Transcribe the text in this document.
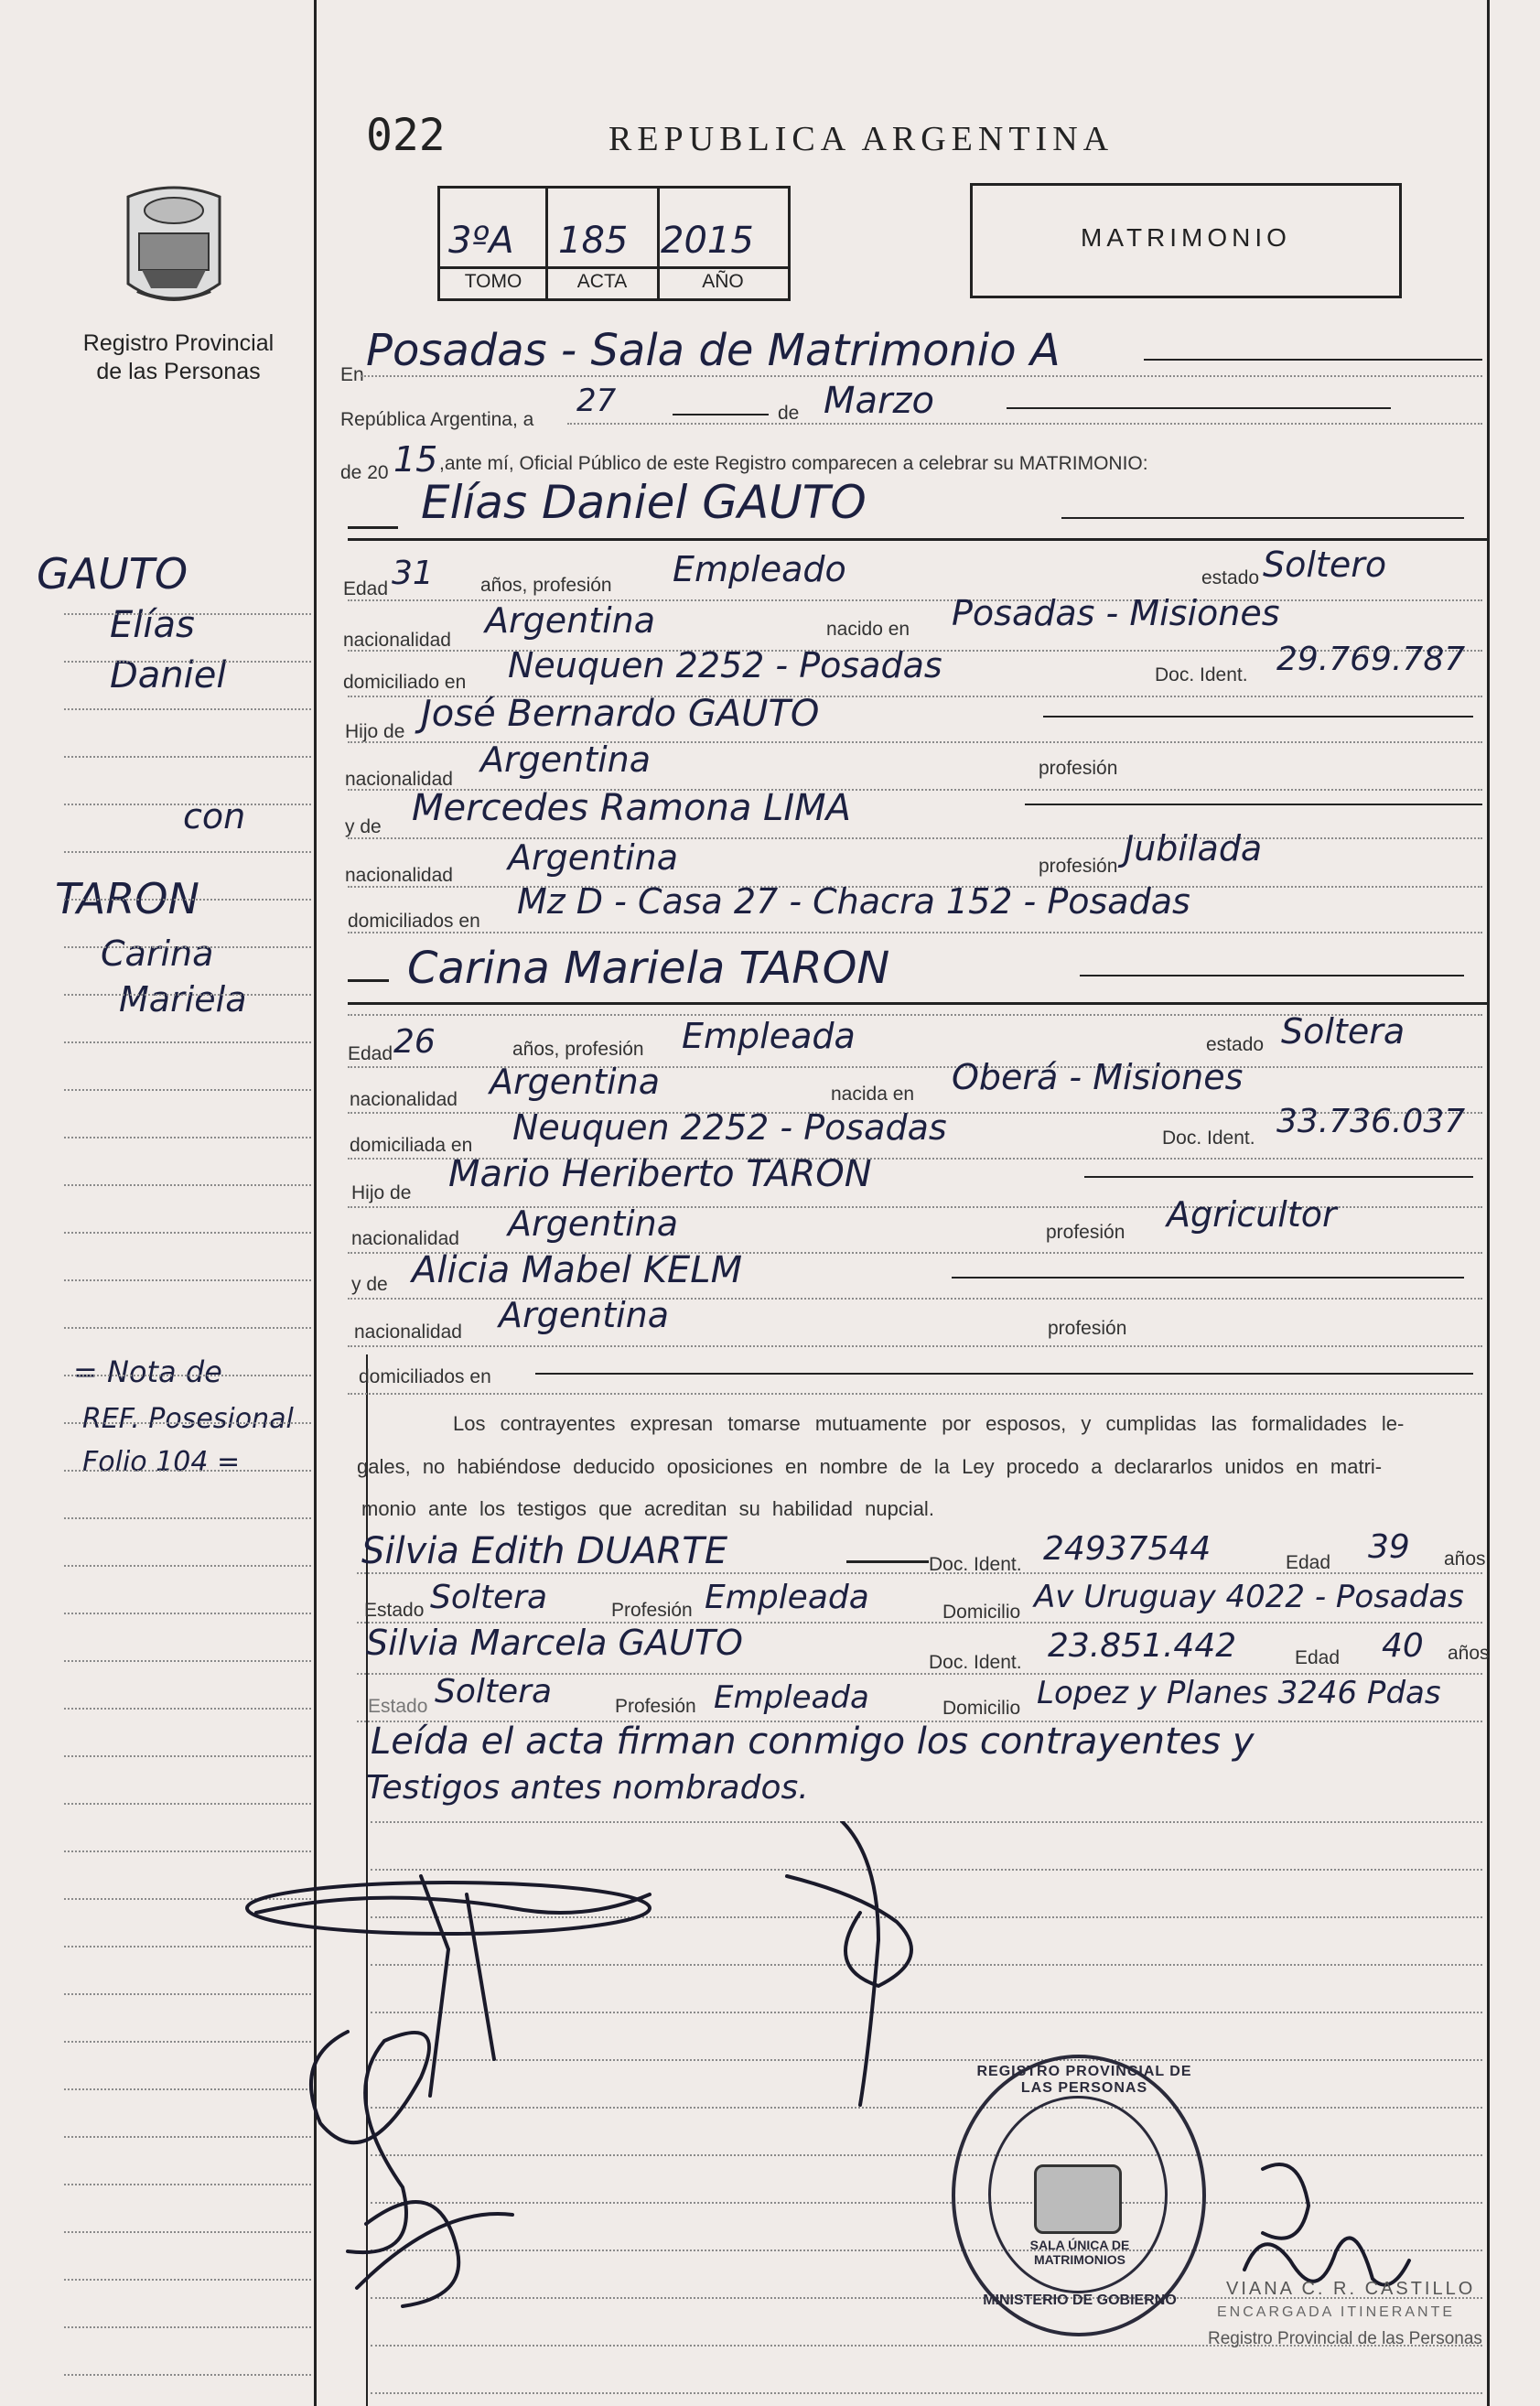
022	REPUBLICA ARGENTINA
Registro Provincial
de las Personas
3ºA 185 2015
TOMO	ACTA	AÑO
MATRIMONIO
GAUTO
Elías
Daniel
con
TARON
Carina
Mariela
= Nota de
REF. Posesional
Folio 104 =
En Posadas - Sala de Matrimonio A
República Argentina, a
27	de Marzo
de 20 15 ,ante mí, Oficial Público de este Registro comparecen a celebrar su MATRIMONIO:
Elías Daniel GAUTO
Edad 31 años, profesión Empleado	estado Soltero
nacionalidad Argentina	nacido en Posadas - Misiones
domiciliado en Neuquen 2252 - Posadas	Doc. Ident. 29.769.787
Hijo de José Bernardo GAUTO
nacionalidad Argentina	profesión
y de Mercedes Ramona LIMA
nacionalidad Argentina	profesión Jubilada
domiciliados en Mz D - Casa 27 - Chacra 152 - Posadas
Carina Mariela TARON
Edad 26	años, profesión Empleada	estado Soltera
nacionalidad Argentina	nacida en Oberá - Misiones
domiciliada en Neuquen 2252 - Posadas	Doc. Ident. 33.736.037
Hijo de Mario Heriberto TARON
nacionalidad Argentina	profesión Agricultor
y de Alicia Mabel KELM
nacionalidad Argentina	profesión
domiciliados en
Los contrayentes expresan tomarse mutuamente por esposos, y cumplidas las formalidades le-
gales, no habiéndose deducido oposiciones en nombre de la Ley procedo a declararlos unidos en matri-
monio ante los testigos que acreditan su habilidad nupcial.
Silvia Edith DUARTE	Doc. Ident. 24937544	Edad 39 años
Estado Soltera	Profesión Empleada	Domicilio Av Uruguay 4022 - Posadas
Silvia Marcela GAUTO	Doc. Ident. 23.851.442	Edad 40 años
Estado Soltera	Profesión Empleada	Domicilio Lopez y Planes 3246 Pdas
Leída el acta firman conmigo los contrayentes y
Testigos antes nombrados.
REGISTRO PROVINCIAL DE LAS PERSONAS
SALA ÚNICA DE MATRIMONIOS
MINISTERIO DE GOBIERNO
VIANA C. R. CASTILLO
ENCARGADA ITINERANTE
Registro Provincial de las Personas
